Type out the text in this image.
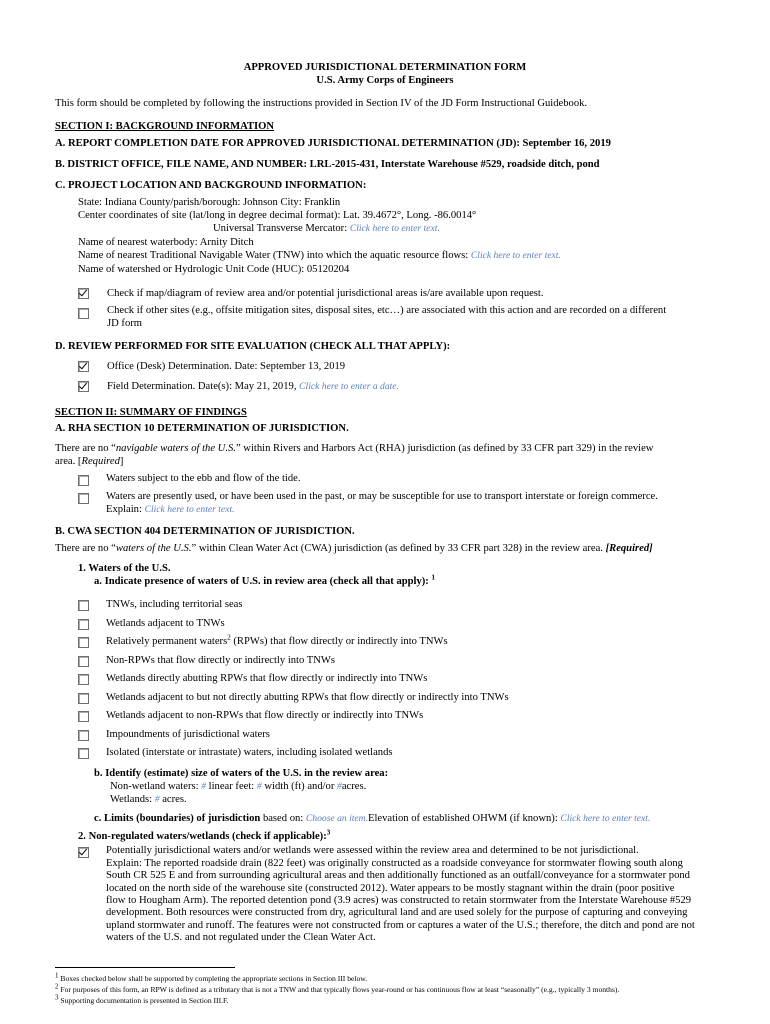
APPROVED JURISDICTIONAL DETERMINATION FORM
U.S. Army Corps of Engineers
This form should be completed by following the instructions provided in Section IV of the JD Form Instructional Guidebook.
SECTION I: BACKGROUND INFORMATION
A. REPORT COMPLETION DATE FOR APPROVED JURISDICTIONAL DETERMINATION (JD): September 16, 2019
B. DISTRICT OFFICE, FILE NAME, AND NUMBER: LRL-2015-431, Interstate Warehouse #529, roadside ditch, pond
C. PROJECT LOCATION AND BACKGROUND INFORMATION:
State: Indiana County/parish/borough: Johnson City: Franklin
Center coordinates of site (lat/long in degree decimal format): Lat. 39.4672°, Long. -86.0014°
Universal Transverse Mercator: Click here to enter text.
Name of nearest waterbody: Arnity Ditch
Name of nearest Traditional Navigable Water (TNW) into which the aquatic resource flows: Click here to enter text.
Name of watershed or Hydrologic Unit Code (HUC): 05120204
Check if map/diagram of review area and/or potential jurisdictional areas is/are available upon request.
Check if other sites (e.g., offsite mitigation sites, disposal sites, etc…) are associated with this action and are recorded on a different
JD form
D. REVIEW PERFORMED FOR SITE EVALUATION (CHECK ALL THAT APPLY):
Office (Desk) Determination. Date: September 13, 2019
Field Determination. Date(s): May 21, 2019, Click here to enter a date.
SECTION II: SUMMARY OF FINDINGS
A. RHA SECTION 10 DETERMINATION OF JURISDICTION.
There are no “navigable waters of the U.S.” within Rivers and Harbors Act (RHA) jurisdiction (as defined by 33 CFR part 329) in the review
area. [Required]
Waters subject to the ebb and flow of the tide.
Waters are presently used, or have been used in the past, or may be susceptible for use to transport interstate or foreign commerce.
Explain: Click here to enter text.
B. CWA SECTION 404 DETERMINATION OF JURISDICTION.
There are no “waters of the U.S.” within Clean Water Act (CWA) jurisdiction (as defined by 33 CFR part 328) in the review area. [Required]
1. Waters of the U.S.
a. Indicate presence of waters of U.S. in review area (check all that apply): $^1$
TNWs, including territorial seas
Wetlands adjacent to TNWs
Relatively permanent waters$^2$ (RPWs) that flow directly or indirectly into TNWs
Non-RPWs that flow directly or indirectly into TNWs
Wetlands directly abutting RPWs that flow directly or indirectly into TNWs
Wetlands adjacent to but not directly abutting RPWs that flow directly or indirectly into TNWs
Wetlands adjacent to non-RPWs that flow directly or indirectly into TNWs
Impoundments of jurisdictional waters
Isolated (interstate or intrastate) waters, including isolated wetlands
b. Identify (estimate) size of waters of the U.S. in the review area:
Non-wetland waters: # linear feet: # width (ft) and/or #acres.
Wetlands: # acres.
c. Limits (boundaries) of jurisdiction based on: Choose an item.Elevation of established OHWM (if known): Click here to enter text.
2. Non-regulated waters/wetlands (check if applicable):$^3$
Potentially jurisdictional waters and/or wetlands were assessed within the review area and determined to be not jurisdictional.
Explain: The reported roadside drain (822 feet) was originally constructed as a roadside conveyance for stormwater flowing south along
South CR 525 E and from surrounding agricultural areas and then additionally functioned as an outfall/conveyance for a stormwater pond
located on the north side of the warehouse site (constructed 2012). Water appears to be mostly stagnant within the drain (poor positive
flow to Hougham Arm). The reported detention pond (3.9 acres) was constructed to retain stormwater from the Interstate Warehouse #529
development. Both resources were constructed from dry, agricultural land and are used solely for the purpose of capturing and conveying
upland stormwater and runoff. The features were not constructed from or captures a water of the U.S.; therefore, the ditch and pond are not
waters of the U.S. and not regulated under the Clean Water Act.
$^1$ Boxes checked below shall be supported by completing the appropriate sections in Section III below.
$^2$ For purposes of this form, an RPW is defined as a tributary that is not a TNW and that typically flows year-round or has continuous flow at least “seasonally” (e.g., typically 3 months).
$^3$ Supporting documentation is presented in Section III.F.
